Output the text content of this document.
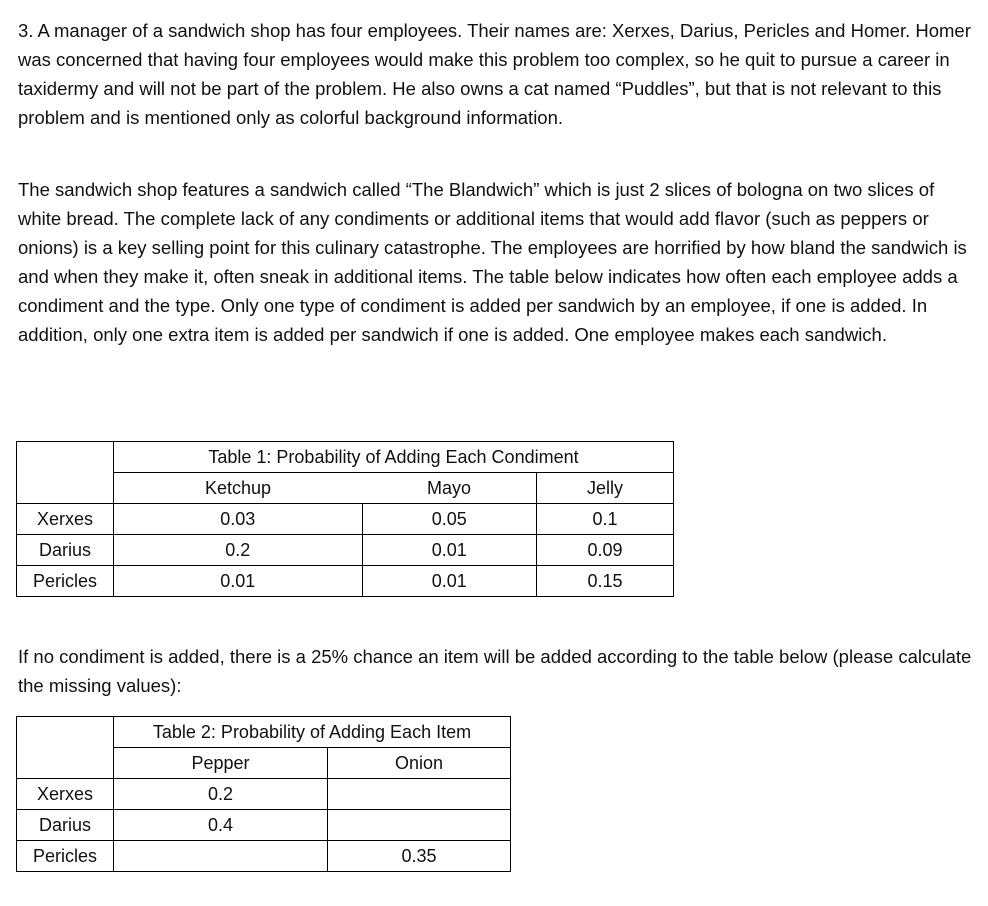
3. A manager of a sandwich shop has four employees. Their names are: Xerxes, Darius, Pericles and Homer. Homer was concerned that having four employees would make this problem too complex, so he quit to pursue a career in taxidermy and will not be part of the problem. He also owns a cat named “Puddles”, but that is not relevant to this problem and is mentioned only as colorful background information.

The sandwich shop features a sandwich called “The Blandwich” which is just 2 slices of bologna on two slices of white bread. The complete lack of any condiments or additional items that would add flavor (such as peppers or onions) is a key selling point for this culinary catastrophe. The employees are horrified by how bland the sandwich is and when they make it, often sneak in additional items. The table below indicates how often each employee adds a condiment and the type. Only one type of condiment is added per sandwich by an employee, if one is added. In addition, only one extra item is added per sandwich if one is added. One employee makes each sandwich.

	Table 1: Probability of Adding Each Condiment		
	Ketchup	Mayo	Jelly
Xerxes	0.03	0.05	0.1
Darius	0.2	0.01	0.09
Pericles	0.01	0.01	0.15

If no condiment is added, there is a 25% chance an item will be added according to the table below (please calculate the missing values):

	Table 2: Probability of Adding Each Item	
	Pepper	Onion
Xerxes	0.2	
Darius	0.4	
Pericles		0.35
